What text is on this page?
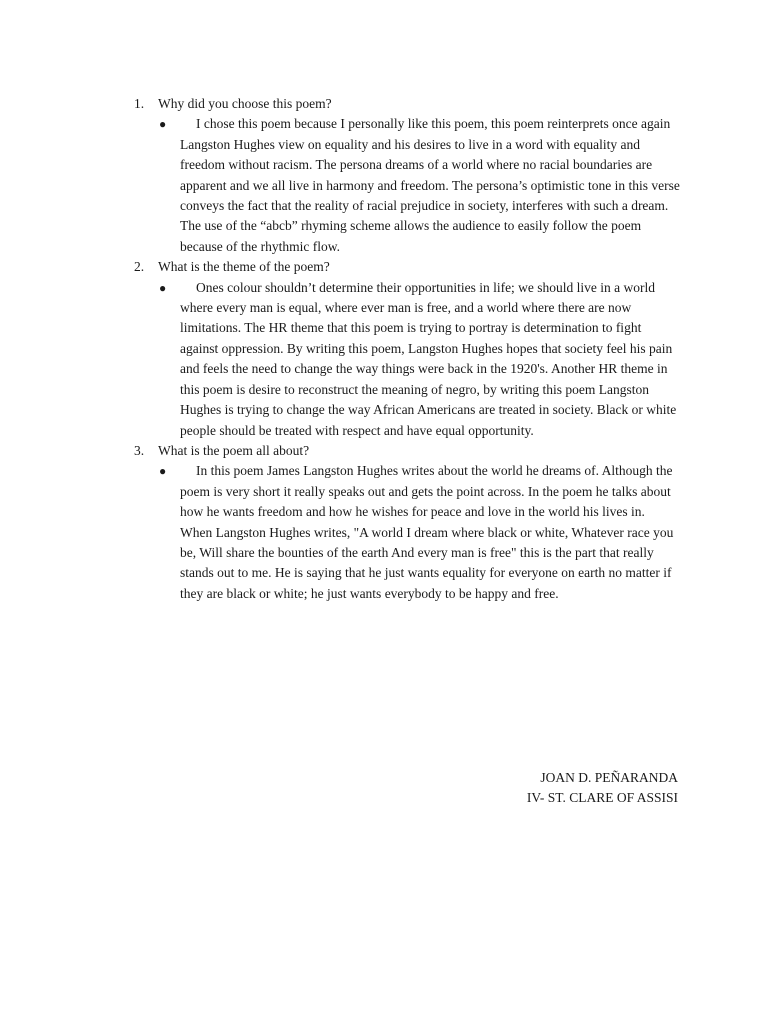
1. Why did you choose this poem?
● I chose this poem because I personally like this poem, this poem reinterprets once again Langston Hughes view on equality and his desires to live in a word with equality and freedom without racism. The persona dreams of a world where no racial boundaries are apparent and we all live in harmony and freedom. The persona’s optimistic tone in this verse conveys the fact that the reality of racial prejudice in society, interferes with such a dream. The use of the “abcb” rhyming scheme allows the audience to easily follow the poem because of the rhythmic flow.
2. What is the theme of the poem?
● Ones colour shouldn’t determine their opportunities in life; we should live in a world where every man is equal, where ever man is free, and a world where there are now limitations. The HR theme that this poem is trying to portray is determination to fight against oppression. By writing this poem, Langston Hughes hopes that society feel his pain and feels the need to change the way things were back in the 1920's. Another HR theme in this poem is desire to reconstruct the meaning of negro, by writing this poem Langston Hughes is trying to change the way African Americans are treated in society. Black or white people should be treated with respect and have equal opportunity.
3. What is the poem all about?
● In this poem James Langston Hughes writes about the world he dreams of. Although the poem is very short it really speaks out and gets the point across. In the poem he talks about how he wants freedom and how he wishes for peace and love in the world his lives in. When Langston Hughes writes, "A world I dream where black or white, Whatever race you be, Will share the bounties of the earth And every man is free" this is the part that really stands out to me. He is saying that he just wants equality for everyone on earth no matter if they are black or white; he just wants everybody to be happy and free.
JOAN D. PEÑARANDA
IV- ST. CLARE OF ASSISI
